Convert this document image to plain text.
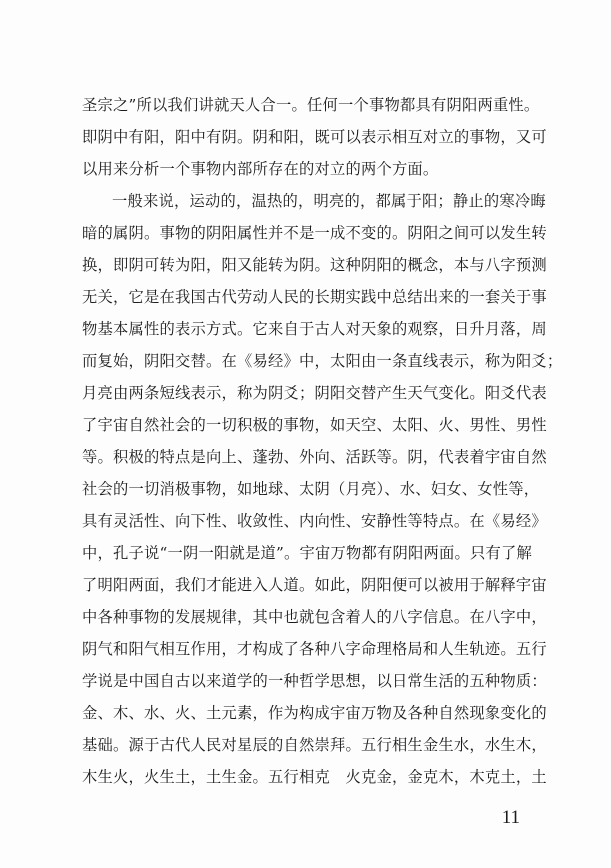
圣宗之”所以我们讲就天人合一。任何一个事物都具有阴阳两重性。
即阴中有阳，阳中有阴。阴和阳，既可以表示相互对立的事物，又可
以用来分析一个事物内部所存在的对立的两个方面。
一般来说，运动的，温热的，明亮的，都属于阳；静止的寒冷晦
暗的属阴。事物的阴阳属性并不是一成不变的。阴阳之间可以发生转
换，即阴可转为阳，阳又能转为阴。这种阴阳的概念，本与八字预测
无关，它是在我国古代劳动人民的长期实践中总结出来的一套关于事
物基本属性的表示方式。它来自于古人对天象的观察，日升月落，周
而复始，阴阳交替。在《易经》中，太阳由一条直线表示，称为阳爻；
月亮由两条短线表示，称为阴爻；阴阳交替产生天气变化。阳爻代表
了宇宙自然社会的一切积极的事物，如天空、太阳、火、男性、男性
等。积极的特点是向上、蓬勃、外向、活跃等。阴，代表着宇宙自然
社会的一切消极事物，如地球、太阴（月亮）、水、妇女、女性等，
具有灵活性、向下性、收敛性、内向性、安静性等特点。在《易经》
中，孔子说“一阴一阳就是道”。宇宙万物都有阴阳两面。只有了解
了明阳两面，我们才能进入人道。如此，阴阳便可以被用于解释宇宙
中各种事物的发展规律，其中也就包含着人的八字信息。在八字中，
阴气和阳气相互作用，才构成了各种八字命理格局和人生轨迹。五行
学说是中国自古以来道学的一种哲学思想，以日常生活的五种物质：
金、木、水、火、土元素，作为构成宇宙万物及各种自然现象变化的
基础。源于古代人民对星辰的自然崇拜。五行相生金生水，水生木，
木生火，火生土，土生金。五行相克　火克金，金克木，木克土，土
11
